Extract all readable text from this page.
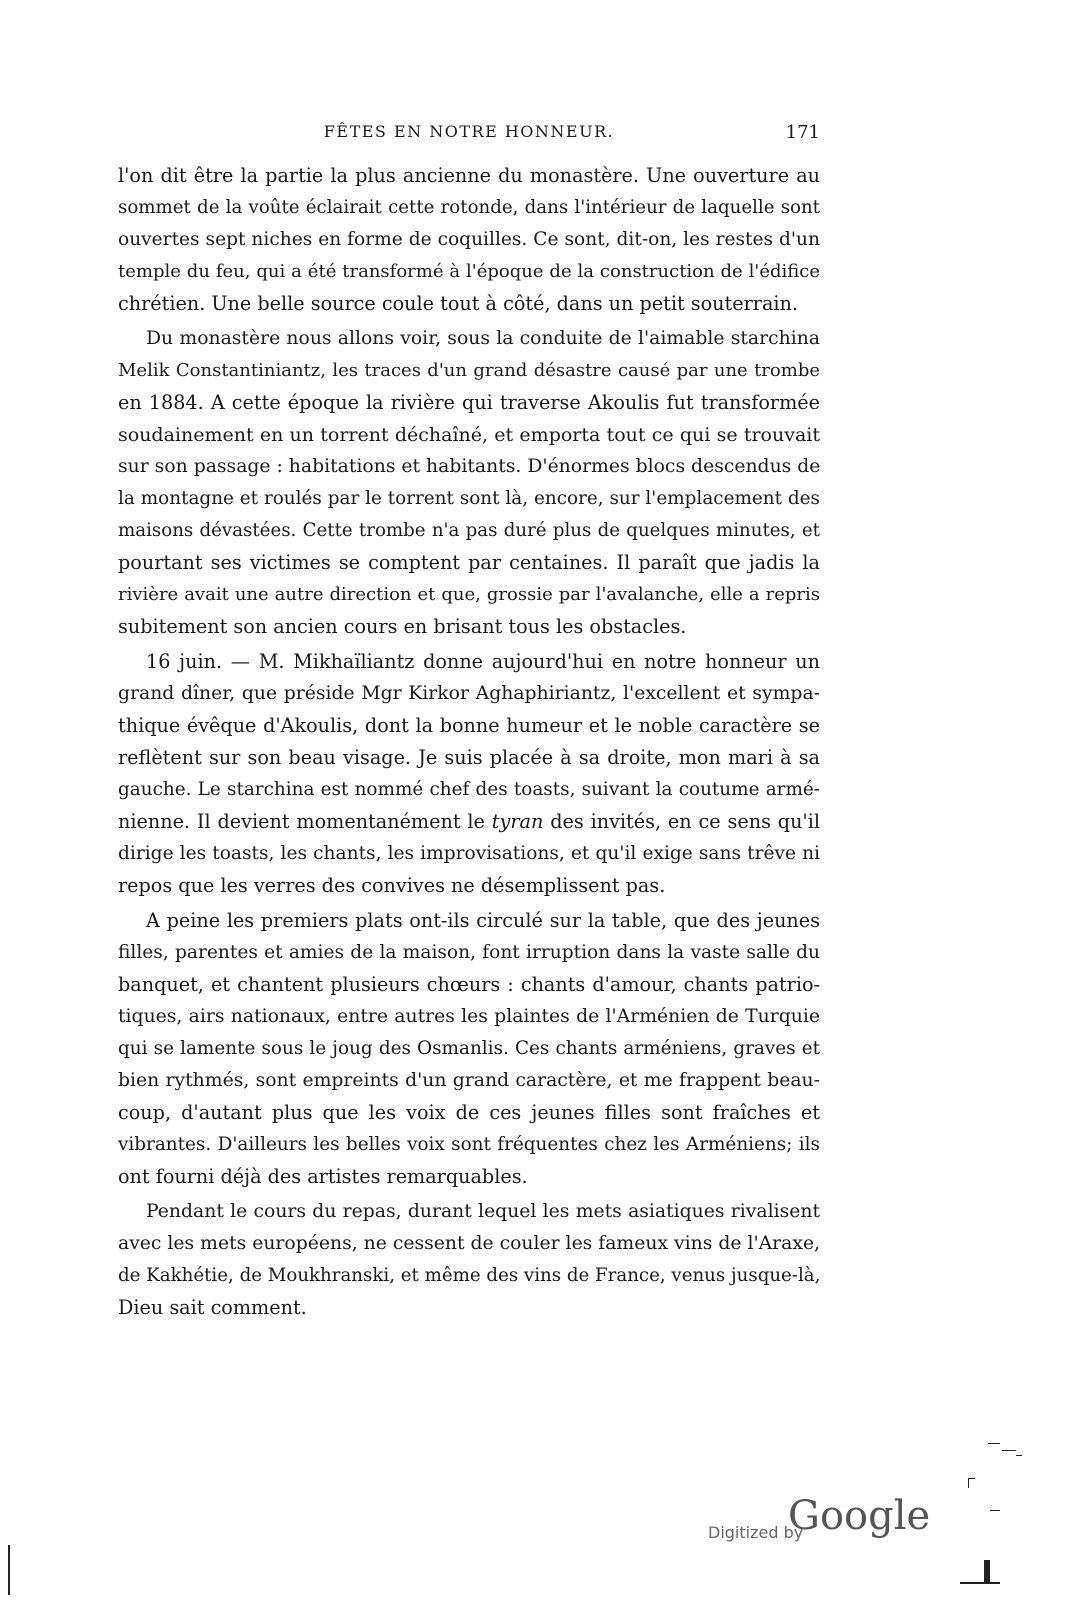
FÊTES EN NOTRE HONNEUR.	171
l'on dit être la partie la plus ancienne du monastère. Une ouverture au
sommet de la voûte éclairait cette rotonde, dans l'intérieur de laquelle sont
ouvertes sept niches en forme de coquilles. Ce sont, dit-on, les restes d'un
temple du feu, qui a été transformé à l'époque de la construction de l'édifice
chrétien. Une belle source coule tout à côté, dans un petit souterrain.
Du monastère nous allons voir, sous la conduite de l'aimable starchina
Melik Constantiniantz, les traces d'un grand désastre causé par une trombe
en 1884. A cette époque la rivière qui traverse Akoulis fut transformée
soudainement en un torrent déchaîné, et emporta tout ce qui se trouvait
sur son passage : habitations et habitants. D'énormes blocs descendus de
la montagne et roulés par le torrent sont là, encore, sur l'emplacement des
maisons dévastées. Cette trombe n'a pas duré plus de quelques minutes, et
pourtant ses victimes se comptent par centaines. Il paraît que jadis la
rivière avait une autre direction et que, grossie par l'avalanche, elle a repris
subitement son ancien cours en brisant tous les obstacles.
16 juin. — M. Mikhaïliantz donne aujourd'hui en notre honneur un
grand dîner, que préside Mgr Kirkor Aghaphiriantz, l'excellent et sympa-
thique évêque d'Akoulis, dont la bonne humeur et le noble caractère se
reflètent sur son beau visage. Je suis placée à sa droite, mon mari à sa
gauche. Le starchina est nommé chef des toasts, suivant la coutume armé-
nienne. Il devient momentanément le tyran des invités, en ce sens qu'il
dirige les toasts, les chants, les improvisations, et qu'il exige sans trêve ni
repos que les verres des convives ne désemplissent pas.
A peine les premiers plats ont-ils circulé sur la table, que des jeunes
filles, parentes et amies de la maison, font irruption dans la vaste salle du
banquet, et chantent plusieurs chœurs : chants d'amour, chants patrio-
tiques, airs nationaux, entre autres les plaintes de l'Arménien de Turquie
qui se lamente sous le joug des Osmanlis. Ces chants arméniens, graves et
bien rythmés, sont empreints d'un grand caractère, et me frappent beau-
coup, d'autant plus que les voix de ces jeunes filles sont fraîches et
vibrantes. D'ailleurs les belles voix sont fréquentes chez les Arméniens; ils
ont fourni déjà des artistes remarquables.
Pendant le cours du repas, durant lequel les mets asiatiques rivalisent
avec les mets européens, ne cessent de couler les fameux vins de l'Araxe,
de Kakhétie, de Moukhranski, et même des vins de France, venus jusque-là,
Dieu sait comment.
Digitized by
Google
